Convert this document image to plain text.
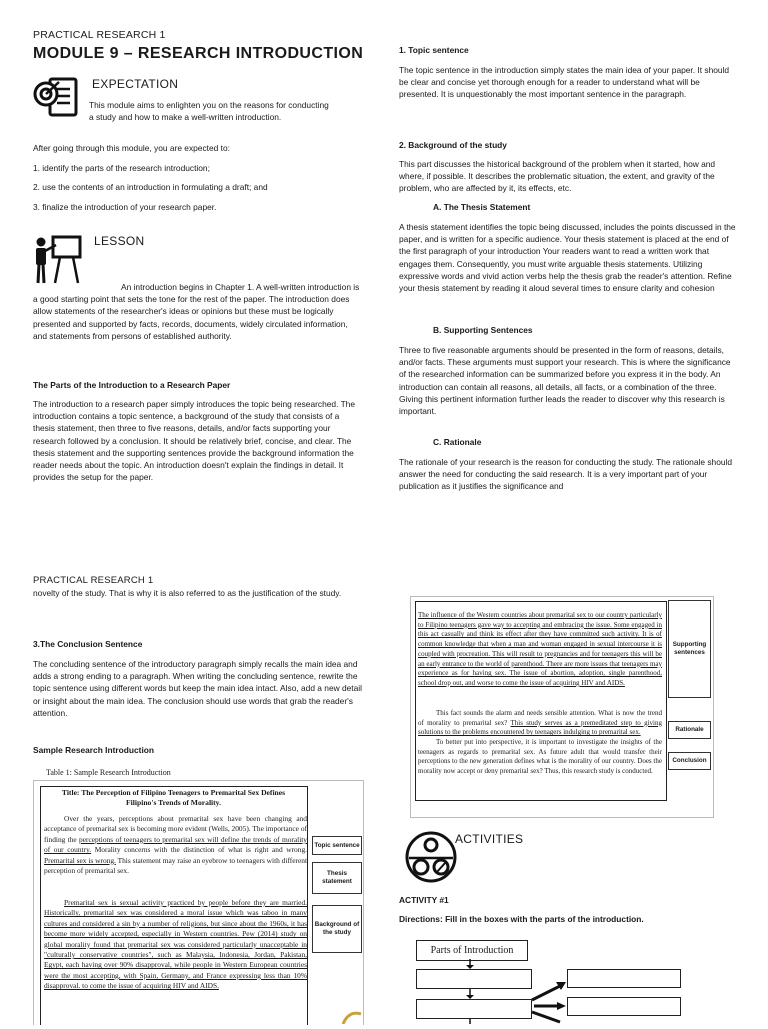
PRACTICAL RESEARCH 1
MODULE 9 – RESEARCH INTRODUCTION
EXPECTATION

This module aims to enlighten you on the reasons for conducting a study and how to make a well-written introduction.

After going through this module, you are expected to:

1. identify the parts of the research introduction;

2. use the contents of an introduction in formulating a draft; and

3. finalize the introduction of your research paper.

LESSON

An introduction begins in Chapter 1. A well-written introduction is a good starting point that sets the tone for the rest of the paper. The introduction does allow statements of the researcher's ideas or opinions but these must be logically presented and supported by facts, records, documents, widely circulated information, and statements from persons of established authority.

The Parts of the Introduction to a Research Paper

The introduction to a research paper simply introduces the topic being researched. The introduction contains a topic sentence, a background of the study that consists of a thesis statement, then three to five reasons, details, and/or facts supporting your research followed by a conclusion. It should be relatively brief, concise, and clear. The thesis statement and the supporting sentences provide the background information the reader needs about the topic. An introduction doesn't explain the findings in detail. It provides the setup for the paper.

1. Topic sentence

The topic sentence in the introduction simply states the main idea of your paper. It should be clear and concise yet thorough enough for a reader to understand what will be presented. It is unquestionably the most important sentence in the paragraph.

2. Background of the study

This part discusses the historical background of the problem when it started, how and where, if possible. It describes the problematic situation, the extent, and gravity of the problem, who are affected by it, its effects, etc.

A. The Thesis Statement

A thesis statement identifies the topic being discussed, includes the points discussed in the paper, and is written for a specific audience. Your thesis statement is placed at the end of the first paragraph of your introduction Your readers want to read a written work that engages them. Consequently, you must write arguable thesis statements. Utilizing expressive words and vivid action verbs help the thesis grab the reader's attention. Refine your thesis statement by reading it aloud several times to ensure clarity and cohesion

B. Supporting Sentences

Three to five reasonable arguments should be presented in the form of reasons, details, and/or facts. These arguments must support your research. This is where the significance of the researched information can be summarized before you express it in the body. An introduction can contain all reasons, all details, all facts, or a combination of the three. Giving this pertinent information further leads the reader to discover why this research is important.

C. Rationale

The rationale of your research is the reason for conducting the study. The rationale should answer the need for conducting the said research. It is a very important part of your publication as it justifies the significance and

PRACTICAL RESEARCH 1

novelty of the study. That is why it is also referred to as the justification of the study.

3.The Conclusion Sentence

The concluding sentence of the introductory paragraph simply recalls the main idea and adds a strong ending to a paragraph. When writing the concluding sentence, rewrite the topic sentence using different words but keep the main idea intact. Also, add a new detail or insight about the main idea. The conclusion should use words that grab the reader's attention.

Sample Research Introduction

Table 1: Sample Research Introduction
Title: The Perception of Filipino Teenagers to Premarital Sex Defines Filipino's Trends of Morality.
Over the years, perceptions about premarital sex have been changing and acceptance of premarital sex is becoming more evident (Wells, 2005). The importance of finding the perceptions of teenagers to premarital sex will define the trends of morality of our country. Morality concerns with the distinction of what is right and wrong. Premarital sex is wrong. This statement may raise an eyebrow to teenagers with different perception of premarital sex.
Premarital sex is sexual activity practiced by people before they are married. Historically, premarital sex was considered a moral issue which was taboo in many cultures and considered a sin by a number of religions, but since about the 1960s, it has become more widely accepted, especially in Western countries. Pew (2014) study on global morality found that premarital sex was considered particularly unacceptable in "culturally conservative countries", such as Malaysia, Indonesia, Jordan, Pakistan, Egypt, each having over 90% disapproval, while people in Western European countries were the most accepting, with Spain, Germany, and France expressing less than 10% disapproval. to come the issue of acquiring HIV and AIDS.
Topic sentence
Thesis statement
Background of the study
The influence of the Western countries about premarital sex to our country particularly to Filipino teenagers gave way to accepting and embracing the issue. Some engaged in this act casually and think its effect after they have committed such activity. It is of common knowledge that when a man and woman engaged in sexual intercourse it is coupled with procreation. This will result to pregnancies and for teenagers this will be an early entrance to the world of parenthood. There are more issues that teenagers may experience as for having sex. The issue of abortion, adoption, single parenthood, school drop out, and worse to come the issue of acquiring HIV and AIDS.
This fact sounds the alarm and needs sensible attention. What is now the trend of morality to premarital sex? This study serves as a premeditated step to giving solutions to the problems encountered by teenagers indulging to premarital sex.
To better put into perspective, it is important to investigate the insights of the teenagers as regards to premarital sex. As future adult that would transfer their perceptions to the new generation defines what is the morality of our country. Does the morality now accept or deny premarital sex? Thus, this research study is conducted.
Supporting sentences
Rationale
Conclusion
ACTIVITIES

ACTIVITY #1

Directions: Fill in the boxes with the parts of the introduction.

Parts of Introduction
